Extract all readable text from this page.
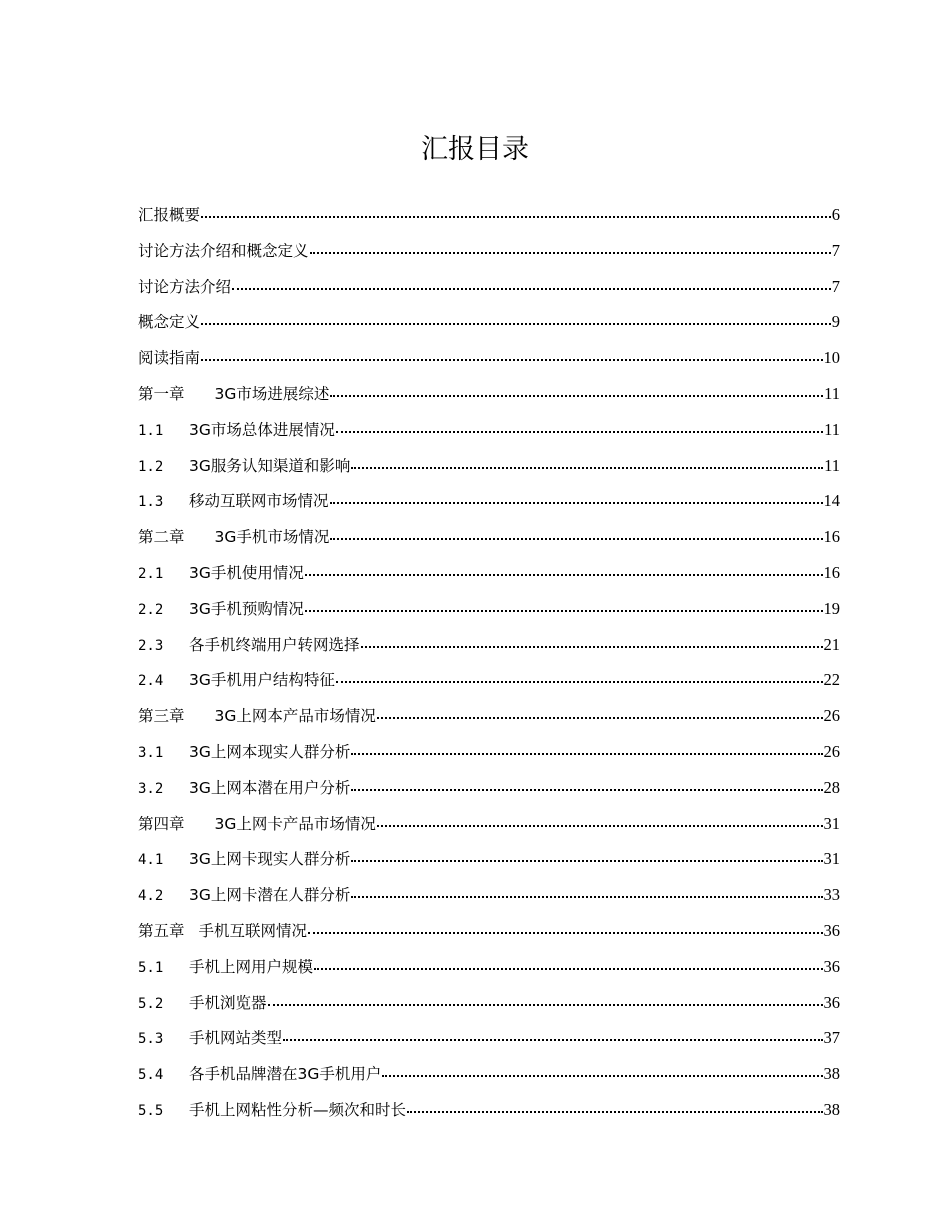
汇报目录
汇报概要	6
讨论方法介绍和概念定义	7
讨论方法介绍	7
概念定义	9
阅读指南	10
第一章 3G市场进展综述	11
1.1	3G市场总体进展情况	11
1.2	3G服务认知渠道和影响	11
1.3	移动互联网市场情况	14
第二章 3G手机市场情况	16
2.1	3G手机使用情况	16
2.2	3G手机预购情况	19
2.3	各手机终端用户转网选择	21
2.4	3G手机用户结构特征	22
第三章 3G上网本产品市场情况	26
3.1	3G上网本现实人群分析	26
3.2	3G上网本潜在用户分析	28
第四章 3G上网卡产品市场情况	31
4.1	3G上网卡现实人群分析	31
4.2	3G上网卡潜在人群分析	33
第五章 手机互联网情况	36
5.1	手机上网用户规模	36
5.2	手机浏览器	36
5.3	手机网站类型	37
5.4	各手机品牌潜在3G手机用户	38
5.5	手机上网粘性分析—频次和时长	38
